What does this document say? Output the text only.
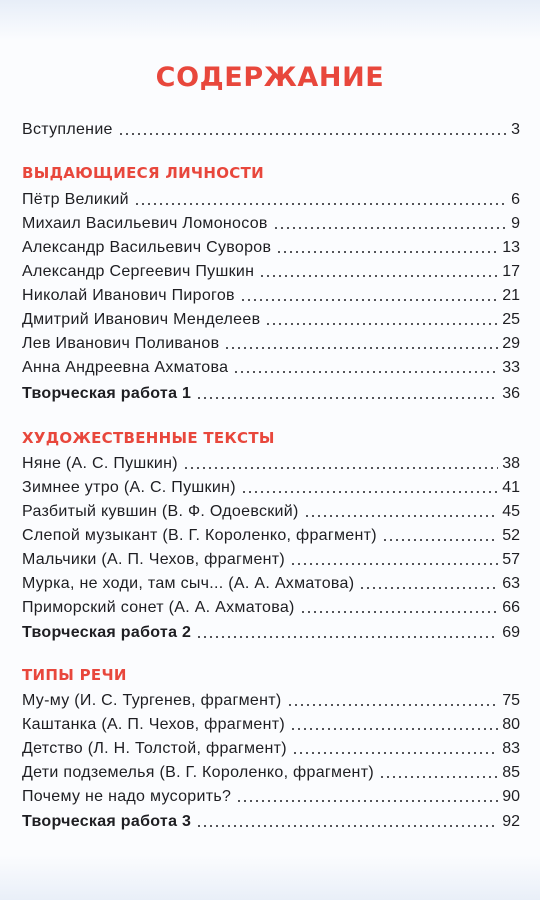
СОДЕРЖАНИЕ
Вступление	3
ВЫДАЮЩИЕСЯ ЛИЧНОСТИ
Пётр Великий	6
Михаил Васильевич Ломоносов	9
Александр Васильевич Суворов	13
Александр Сергеевич Пушкин	17
Николай Иванович Пирогов	21
Дмитрий Иванович Менделеев	25
Лев Иванович Поливанов	29
Анна Андреевна Ахматова	33
Творческая работа 1	36
ХУДОЖЕСТВЕННЫЕ ТЕКСТЫ
Няне (А. С. Пушкин)	38
Зимнее утро (А. С. Пушкин)	41
Разбитый кувшин (В. Ф. Одоевский)	45
Слепой музыкант (В. Г. Короленко, фрагмент)	52
Мальчики (А. П. Чехов, фрагмент)	57
Мурка, не ходи, там сыч... (А. А. Ахматова)	63
Приморский сонет (А. А. Ахматова)	66
Творческая работа 2	69
ТИПЫ РЕЧИ
Му-му (И. С. Тургенев, фрагмент)	75
Каштанка (А. П. Чехов, фрагмент)	80
Детство (Л. Н. Толстой, фрагмент)	83
Дети подземелья (В. Г. Короленко, фрагмент)	85
Почему не надо мусорить?	90
Творческая работа 3	92
